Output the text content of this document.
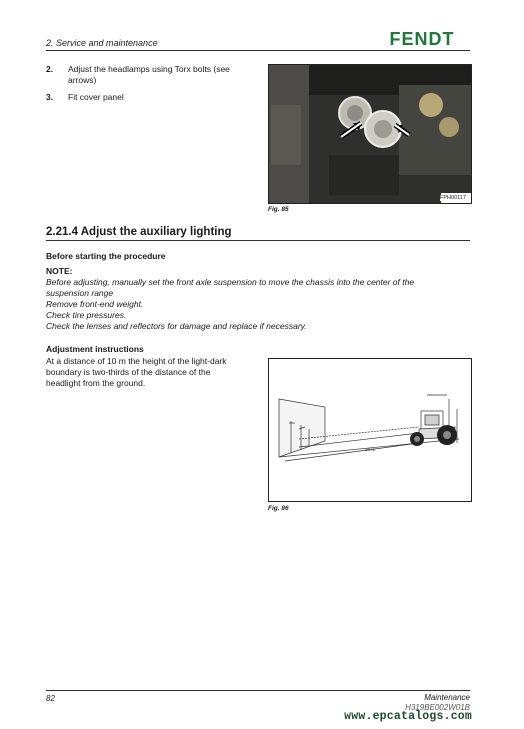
2. Service and maintenance	FENDT
2. Adjust the headlamps using Torx bolts (see arrows)
3. Fit cover panel
FPH00117
Fig. 85
2.21.4 Adjust the auxiliary lighting
Before starting the procedure
NOTE:
Before adjusting, manually set the front axle suspension to move the chassis into the center of the
suspension range
Remove front-end weight.
Check tire pressures.
Check the lenses and reflectors for damage and replace if necessary.
Adjustment instructions
At a distance of 10 m the height of the light-dark
boundary is two-thirds of the distance of the
headlight from the ground.
10 m
Fig. 86
82	Maintenance
H319BE002W01B
www.epcatalogs.com
